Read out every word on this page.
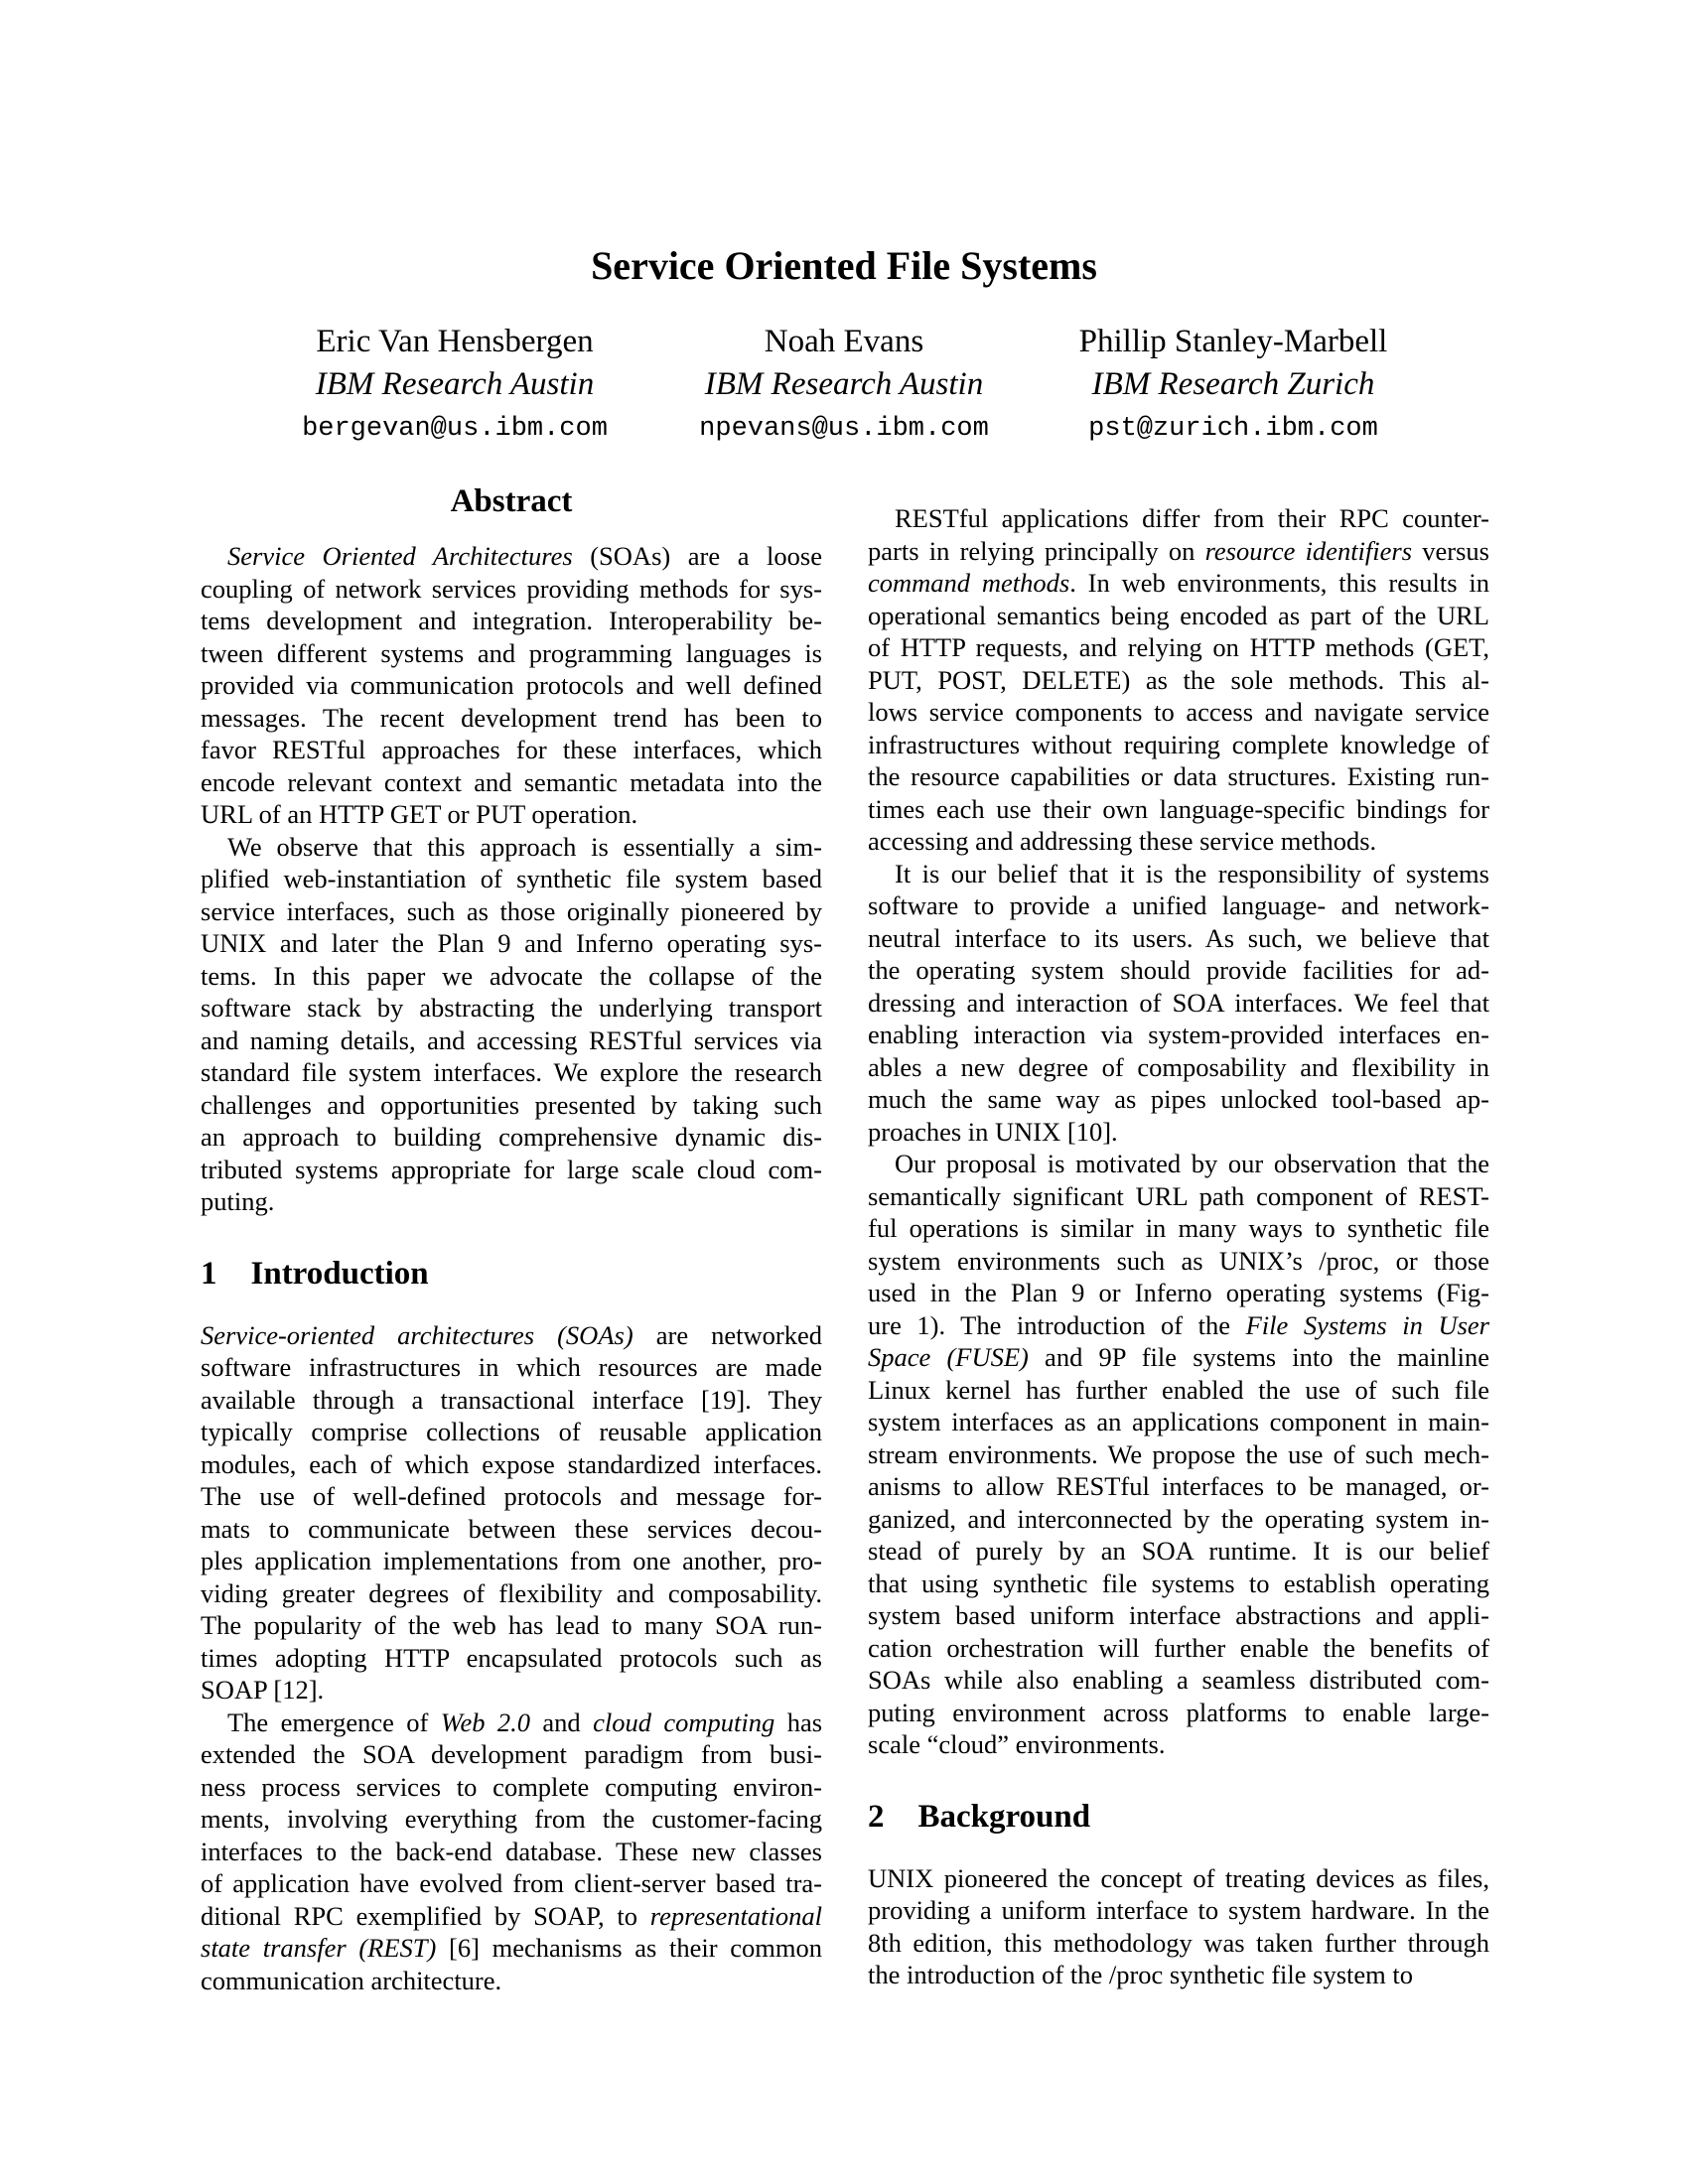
Service Oriented File Systems
Eric Van Hensbergen
IBM Research Austin
bergevan@us.ibm.com
Noah Evans
IBM Research Austin
npevans@us.ibm.com
Phillip Stanley-Marbell
IBM Research Zurich
pst@zurich.ibm.com
Abstract
Service Oriented Architectures (SOAs) are a loose
coupling of network services providing methods for sys-
tems development and integration. Interoperability be-
tween different systems and programming languages is
provided via communication protocols and well defined
messages. The recent development trend has been to
favor RESTful approaches for these interfaces, which
encode relevant context and semantic metadata into the
URL of an HTTP GET or PUT operation.
We observe that this approach is essentially a sim-
plified web-instantiation of synthetic file system based
service interfaces, such as those originally pioneered by
UNIX and later the Plan 9 and Inferno operating sys-
tems. In this paper we advocate the collapse of the
software stack by abstracting the underlying transport
and naming details, and accessing RESTful services via
standard file system interfaces. We explore the research
challenges and opportunities presented by taking such
an approach to building comprehensive dynamic dis-
tributed systems appropriate for large scale cloud com-
puting.
1 Introduction
Service-oriented architectures (SOAs) are networked
software infrastructures in which resources are made
available through a transactional interface [19]. They
typically comprise collections of reusable application
modules, each of which expose standardized interfaces.
The use of well-defined protocols and message for-
mats to communicate between these services decou-
ples application implementations from one another, pro-
viding greater degrees of flexibility and composability.
The popularity of the web has lead to many SOA run-
times adopting HTTP encapsulated protocols such as
SOAP [12].
The emergence of Web 2.0 and cloud computing has
extended the SOA development paradigm from busi-
ness process services to complete computing environ-
ments, involving everything from the customer-facing
interfaces to the back-end database. These new classes
of application have evolved from client-server based tra-
ditional RPC exemplified by SOAP, to representational
state transfer (REST) [6] mechanisms as their common
communication architecture.
RESTful applications differ from their RPC counter-
parts in relying principally on resource identifiers versus
command methods. In web environments, this results in
operational semantics being encoded as part of the URL
of HTTP requests, and relying on HTTP methods (GET,
PUT, POST, DELETE) as the sole methods. This al-
lows service components to access and navigate service
infrastructures without requiring complete knowledge of
the resource capabilities or data structures. Existing run-
times each use their own language-specific bindings for
accessing and addressing these service methods.
It is our belief that it is the responsibility of systems
software to provide a unified language- and network-
neutral interface to its users. As such, we believe that
the operating system should provide facilities for ad-
dressing and interaction of SOA interfaces. We feel that
enabling interaction via system-provided interfaces en-
ables a new degree of composability and flexibility in
much the same way as pipes unlocked tool-based ap-
proaches in UNIX [10].
Our proposal is motivated by our observation that the
semantically significant URL path component of REST-
ful operations is similar in many ways to synthetic file
system environments such as UNIX’s /proc, or those
used in the Plan 9 or Inferno operating systems (Fig-
ure 1). The introduction of the File Systems in User
Space (FUSE) and 9P file systems into the mainline
Linux kernel has further enabled the use of such file
system interfaces as an applications component in main-
stream environments. We propose the use of such mech-
anisms to allow RESTful interfaces to be managed, or-
ganized, and interconnected by the operating system in-
stead of purely by an SOA runtime. It is our belief
that using synthetic file systems to establish operating
system based uniform interface abstractions and appli-
cation orchestration will further enable the benefits of
SOAs while also enabling a seamless distributed com-
puting environment across platforms to enable large-
scale “cloud” environments.
2 Background
UNIX pioneered the concept of treating devices as files,
providing a uniform interface to system hardware. In the
8th edition, this methodology was taken further through
the introduction of the /proc synthetic file system to
